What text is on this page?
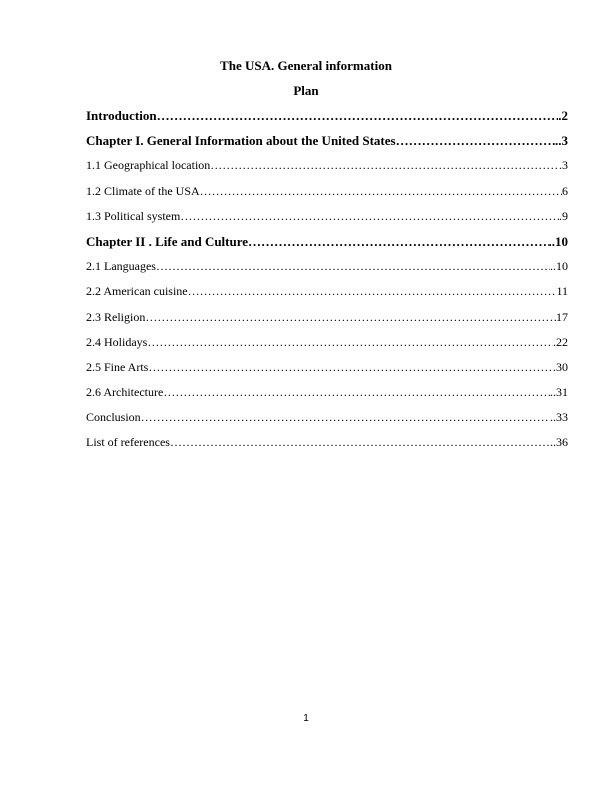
The USA. General information
Plan
Introduction ……………………………………………………………………………………………………………………………………………………	.2
Chapter I. General Information about the United States ……………………………………………………………………………………………………………………………………………………	..3
1.1 Geographical location ……………………………………………………………………………………………………………………………………………………	.3
1.2 Climate of the USA ……………………………………………………………………………………………………………………………………………………	6
1.3 Political system ……………………………………………………………………………………………………………………………………………………	.9
Chapter II . Life and Culture ……………………………………………………………………………………………………………………………………………………	..10
2.1 Languages ……………………………………………………………………………………………………………………………………………………	..10
2.2 American cuisine ……………………………………………………………………………………………………………………………………………………	11
2.3 Religion ……………………………………………………………………………………………………………………………………………………	17
2.4 Holidays ……………………………………………………………………………………………………………………………………………………	.22
2.5 Fine Arts ……………………………………………………………………………………………………………………………………………………	30
2.6 Architecture ……………………………………………………………………………………………………………………………………………………	..31
Conclusion ……………………………………………………………………………………………………………………………………………………	..33
List of references ……………………………………………………………………………………………………………………………………………………	..36
1
